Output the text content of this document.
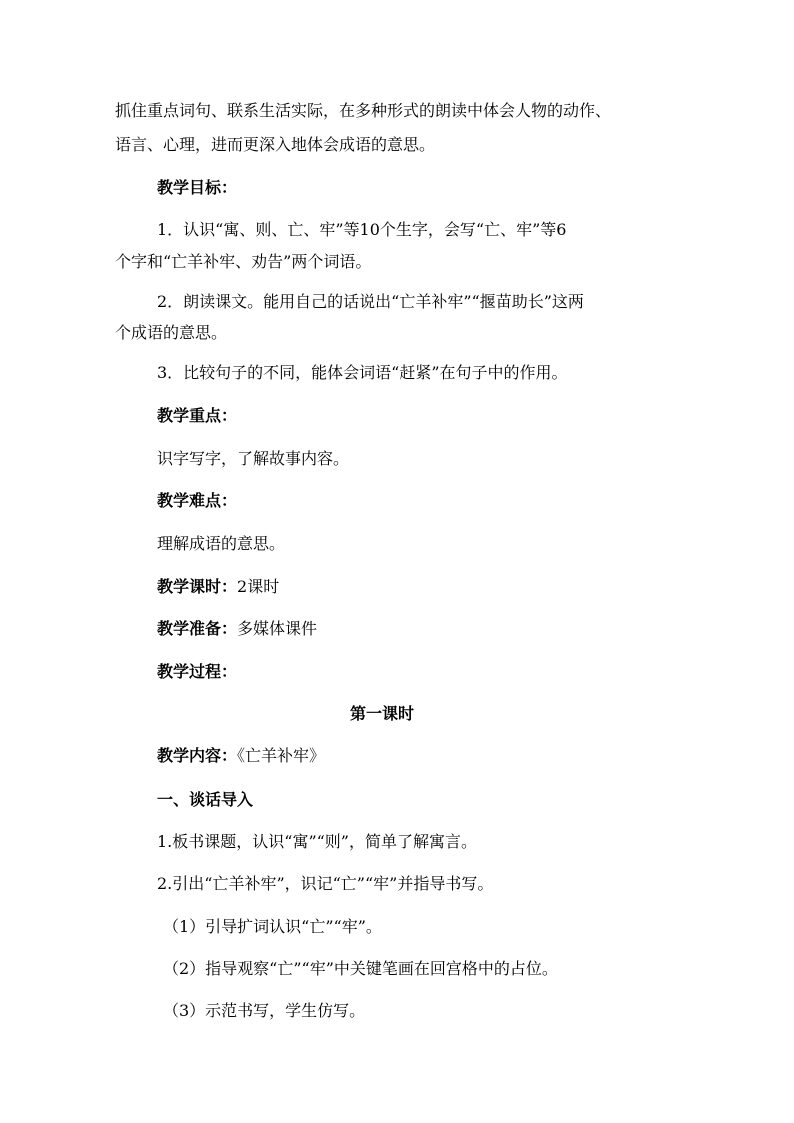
抓住重点词句、联系生活实际，在多种形式的朗读中体会人物的动作、
语言、心理，进而更深入地体会成语的意思。
教学目标：
1．认识“寓、则、亡、牢”等10个生字，会写“亡、牢”等6
个字和“亡羊补牢、劝告”两个词语。
2．朗读课文。能用自己的话说出“亡羊补牢”“揠苗助长”这两
个成语的意思。
3．比较句子的不同，能体会词语“赶紧”在句子中的作用。
教学重点：
识字写字，了解故事内容。
教学难点：
理解成语的意思。
教学课时：2课时
教学准备：多媒体课件
教学过程：
第一课时
教学内容：《亡羊补牢》
一、谈话导入
1.板书课题，认识“寓”“则”，简单了解寓言。
2.引出“亡羊补牢”，识记“亡”“牢”并指导书写。
（1）引导扩词认识“亡”“牢”。
（2）指导观察“亡”“牢”中关键笔画在回宫格中的占位。
（3）示范书写，学生仿写。
